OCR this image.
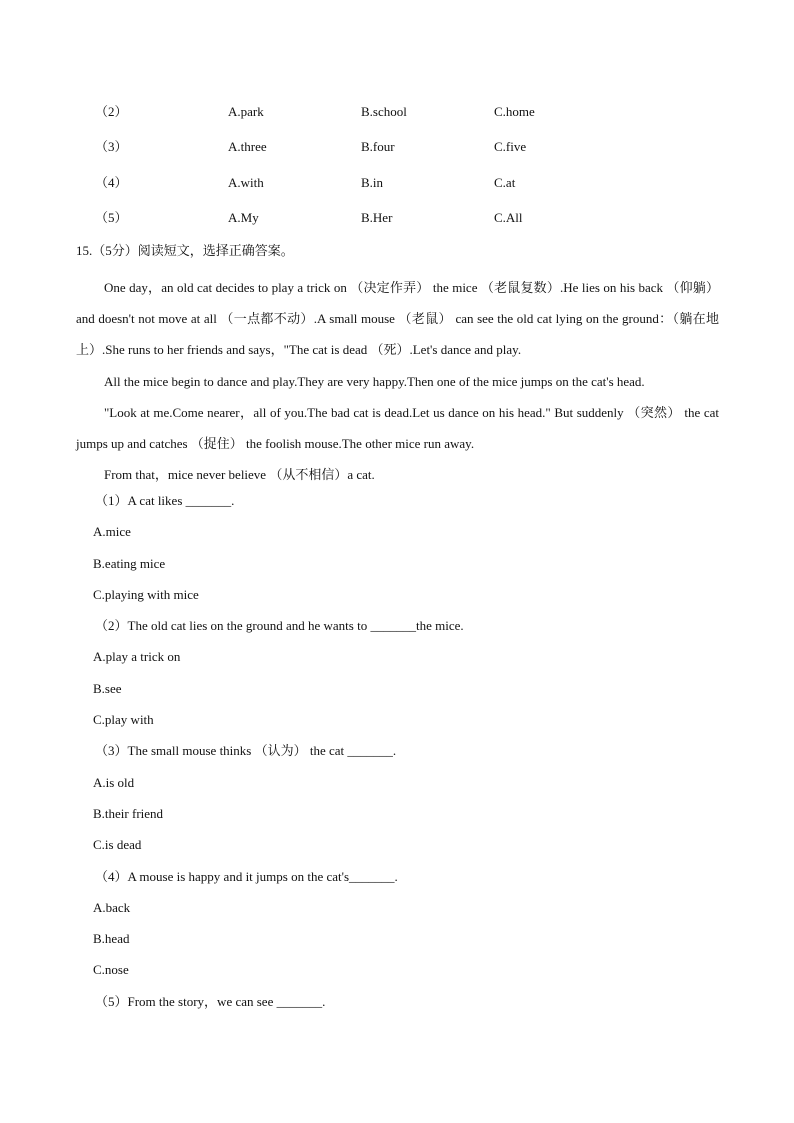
（2）	A.park	B.school	C.home
（3）	A.three	B.four	C.five
（4）	A.with	B.in	C.at
（5）	A.My	B.Her	C.All
15.（5分）阅读短文，选择正确答案。

One day，an old cat decides to play a trick on （决定作弄） the mice （老鼠复数）.He lies on his back （仰躺） and doesn't not move at all （一点都不动）.A small mouse （老鼠） can see the old cat lying on the ground：（躺在地上）.She runs to her friends and says，"The cat is dead （死）.Let's dance and play.

All the mice begin to dance and play.They are very happy.Then one of the mice jumps on the cat's head.

"Look at me.Come nearer，all of you.The bad cat is dead.Let us dance on his head." But suddenly （突然） the cat jumps up and catches （捉住） the foolish mouse.The other mice run away.

From that，mice never believe （从不相信）a cat.

（1）A cat likes _______.
A.mice
B.eating mice
C.playing with mice
（2）The old cat lies on the ground and he wants to _______the mice.
A.play a trick on
B.see
C.play with
（3）The small mouse thinks （认为） the cat _______.
A.is old
B.their friend
C.is dead
（4）A mouse is happy and it jumps on the cat's_______.
A.back
B.head
C.nose
（5）From the story，we can see _______.
